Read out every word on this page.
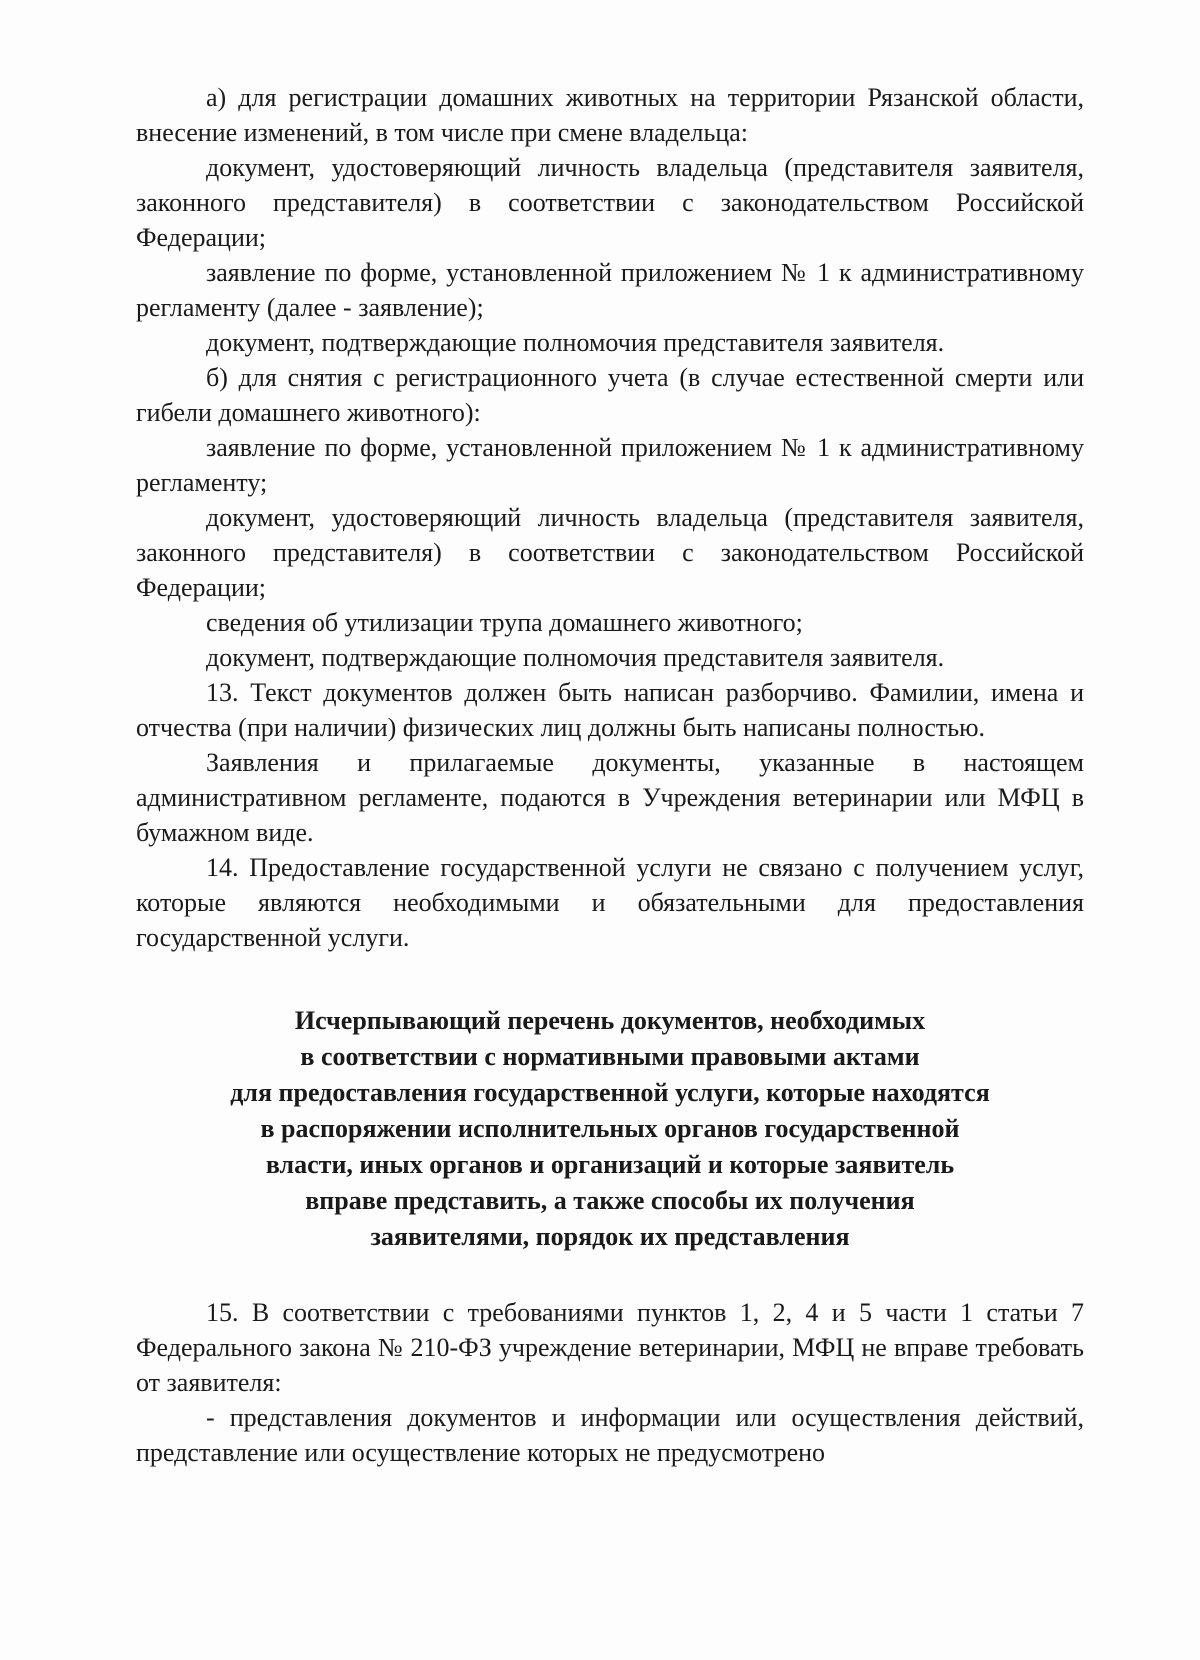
а) для регистрации домашних животных на территории Рязанской области, внесение изменений, в том числе при смене владельца:

документ, удостоверяющий личность владельца (представителя заявителя, законного представителя) в соответствии с законодательством Российской Федерации;

заявление по форме, установленной приложением № 1 к административному регламенту (далее - заявление);

документ, подтверждающие полномочия представителя заявителя.

б) для снятия с регистрационного учета (в случае естественной смерти или гибели домашнего животного):

заявление по форме, установленной приложением № 1 к административному регламенту;

документ, удостоверяющий личность владельца (представителя заявителя, законного представителя) в соответствии с законодательством Российской Федерации;

сведения об утилизации трупа домашнего животного;

документ, подтверждающие полномочия представителя заявителя.

13. Текст документов должен быть написан разборчиво. Фамилии, имена и отчества (при наличии) физических лиц должны быть написаны полностью.

Заявления и прилагаемые документы, указанные в настоящем административном регламенте, подаются в Учреждения ветеринарии или МФЦ в бумажном виде.

14. Предоставление государственной услуги не связано с получением услуг, которые являются необходимыми и обязательными для предоставления государственной услуги.

Исчерпывающий перечень документов, необходимых
в соответствии с нормативными правовыми актами
для предоставления государственной услуги, которые находятся
в распоряжении исполнительных органов государственной
власти, иных органов и организаций и которые заявитель
вправе представить, а также способы их получения
заявителями, порядок их представления

15. В соответствии с требованиями пунктов 1, 2, 4 и 5 части 1 статьи 7 Федерального закона № 210-ФЗ учреждение ветеринарии, МФЦ не вправе требовать от заявителя:

- представления документов и информации или осуществления действий, представление или осуществление которых не предусмотрено
